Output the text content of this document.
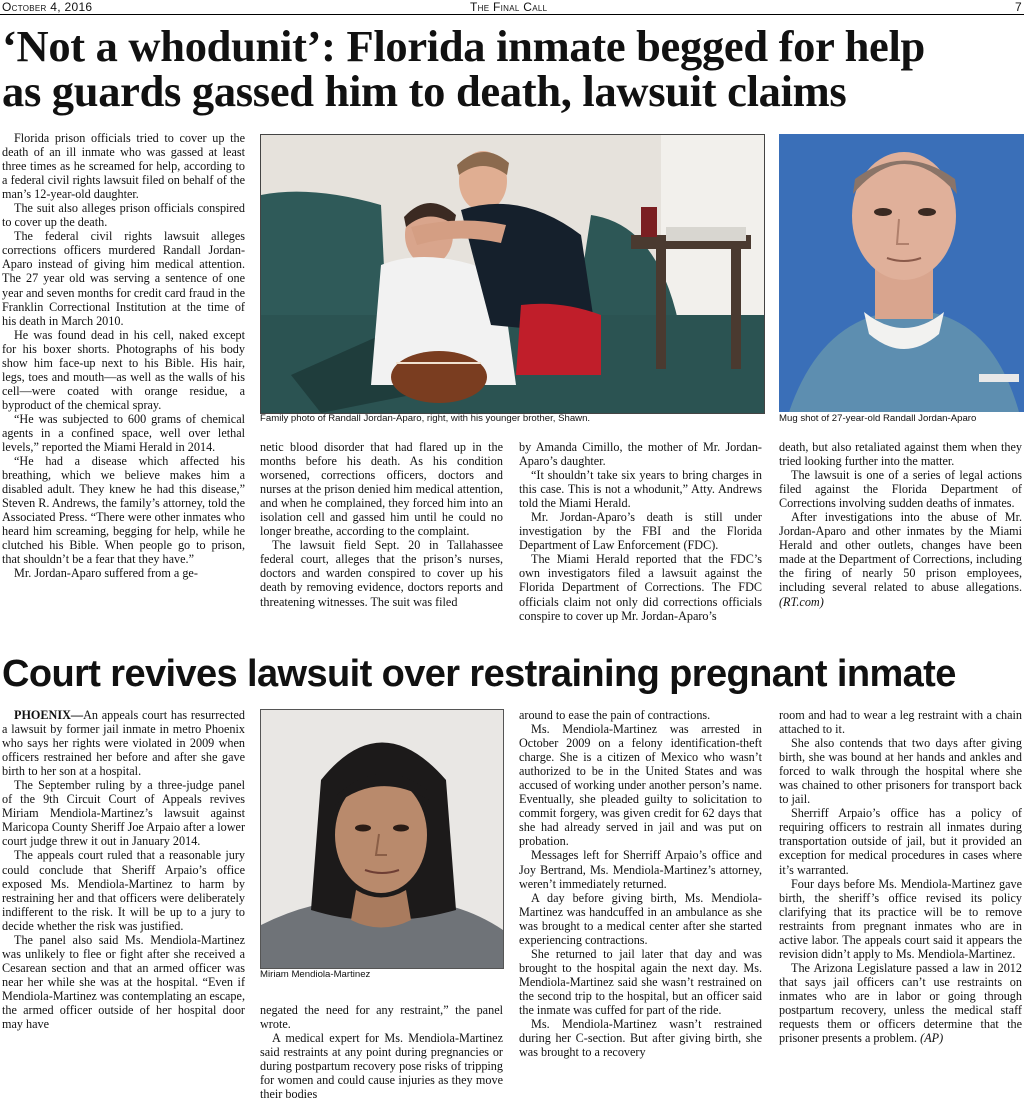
October 4, 2016	The Final Call	7
‘Not a whodunit’: Florida inmate begged for help
as guards gassed him to death, lawsuit claims

Florida prison officials tried to cover up the death of an ill inmate who was gassed at least three times as he screamed for help, according to a federal civil rights lawsuit filed on behalf of the man’s 12-year-old daughter.

The suit also alleges prison officials conspired to cover up the death.

The federal civil rights lawsuit alleges corrections officers murdered Randall Jordan-Aparo instead of giving him medical attention. The 27 year old was serving a sentence of one year and seven months for credit card fraud in the Franklin Correctional Institution at the time of his death in March 2010.

He was found dead in his cell, naked except for his boxer shorts. Photographs of his body show him face-up next to his Bible. His hair, legs, toes and mouth—as well as the walls of his cell—were coated with orange residue, a byproduct of the chemical spray.

“He was subjected to 600 grams of chemical agents in a confined space, well over lethal levels,” reported the Miami Herald in 2014.

“He had a disease which affected his breathing, which we believe makes him a disabled adult. They knew he had this disease,” Steven R. Andrews, the family’s attorney, told the Associated Press. “There were other inmates who heard him screaming, begging for help, while he clutched his Bible. When people go to prison, that shouldn’t be a fear that they have.”

Mr. Jordan-Aparo suffered from a ge-

Family photo of Randall Jordan-Aparo, right, with his younger brother, Shawn.	Mug shot of 27-year-old Randall Jordan-Aparo

netic blood disorder that had flared up in the months before his death. As his condition worsened, corrections officers, doctors and nurses at the prison denied him medical attention, and when he complained, they forced him into an isolation cell and gassed him until he could no longer breathe, according to the complaint.

The lawsuit field Sept. 20 in Tallahassee federal court, alleges that the prison’s nurses, doctors and warden conspired to cover up his death by removing evidence, doctors reports and threatening witnesses. The suit was filed

by Amanda Cimillo, the mother of Mr. Jordan-Aparo’s daughter.

“It shouldn’t take six years to bring charges in this case. This is not a whodunit,” Atty. Andrews told the Miami Herald.

Mr. Jordan-Aparo’s death is still under investigation by the FBI and the Florida Department of Law Enforcement (FDC).

The Miami Herald reported that the FDC’s own investigators filed a lawsuit against the Florida Department of Corrections. The FDC officials claim not only did corrections officials conspire to cover up Mr. Jordan-Aparo’s

death, but also retaliated against them when they tried looking further into the matter.

The lawsuit is one of a series of legal actions filed against the Florida Department of Corrections involving sudden deaths of inmates.

After investigations into the abuse of Mr. Jordan-Aparo and other inmates by the Miami Herald and other outlets, changes have been made at the Department of Corrections, including the firing of nearly 50 prison employees, including several related to abuse allegations. (RT.com)

Court revives lawsuit over restraining pregnant inmate

PHOENIX—An appeals court has resurrected a lawsuit by former jail inmate in metro Phoenix who says her rights were violated in 2009 when officers restrained her before and after she gave birth to her son at a hospital.

The September ruling by a three-judge panel of the 9th Circuit Court of Appeals revives Miriam Mendiola-Martinez’s lawsuit against Maricopa County Sheriff Joe Arpaio after a lower court judge threw it out in January 2014.

The appeals court ruled that a reasonable jury could conclude that Sheriff Arpaio’s office exposed Ms. Mendiola-Martinez to harm by restraining her and that officers were deliberately indifferent to the risk. It will be up to a jury to decide whether the risk was justified.

The panel also said Ms. Mendiola-Martinez was unlikely to flee or fight after she received a Cesarean section and that an armed officer was near her while she was at the hospital. “Even if Mendiola-Martinez was contemplating an escape, the armed officer outside of her hospital door may have

Miriam Mendiola-Martinez

negated the need for any restraint,” the panel wrote.

A medical expert for Ms. Mendiola-Martinez said restraints at any point during pregnancies or during postpartum recovery pose risks of tripping for women and could cause injuries as they move their bodies

around to ease the pain of contractions.

Ms. Mendiola-Martinez was arrested in October 2009 on a felony identification-theft charge. She is a citizen of Mexico who wasn’t authorized to be in the United States and was accused of working under another person’s name. Eventually, she pleaded guilty to solicitation to commit forgery, was given credit for 62 days that she had already served in jail and was put on probation.

Messages left for Sherriff Arpaio’s office and Joy Bertrand, Ms. Mendiola-Martinez’s attorney, weren’t immediately returned.

A day before giving birth, Ms. Mendiola-Martinez was handcuffed in an ambulance as she was brought to a medical center after she started experiencing contractions.

She returned to jail later that day and was brought to the hospital again the next day. Ms. Mendiola-Martinez said she wasn’t restrained on the second trip to the hospital, but an officer said the inmate was cuffed for part of the ride.

Ms. Mendiola-Martinez wasn’t restrained during her C-section. But after giving birth, she was brought to a recovery

room and had to wear a leg restraint with a chain attached to it.

She also contends that two days after giving birth, she was bound at her hands and ankles and forced to walk through the hospital where she was chained to other prisoners for transport back to jail.

Sherriff Arpaio’s office has a policy of requiring officers to restrain all inmates during transportation outside of jail, but it provided an exception for medical procedures in cases where it’s warranted.

Four days before Ms. Mendiola-Martinez gave birth, the sheriff’s office revised its policy clarifying that its practice will be to remove restraints from pregnant inmates who are in active labor. The appeals court said it appears the revision didn’t apply to Ms. Mendiola-Martinez.

The Arizona Legislature passed a law in 2012 that says jail officers can’t use restraints on inmates who are in labor or going through postpartum recovery, unless the medical staff requests them or officers determine that the prisoner presents a problem. (AP)
